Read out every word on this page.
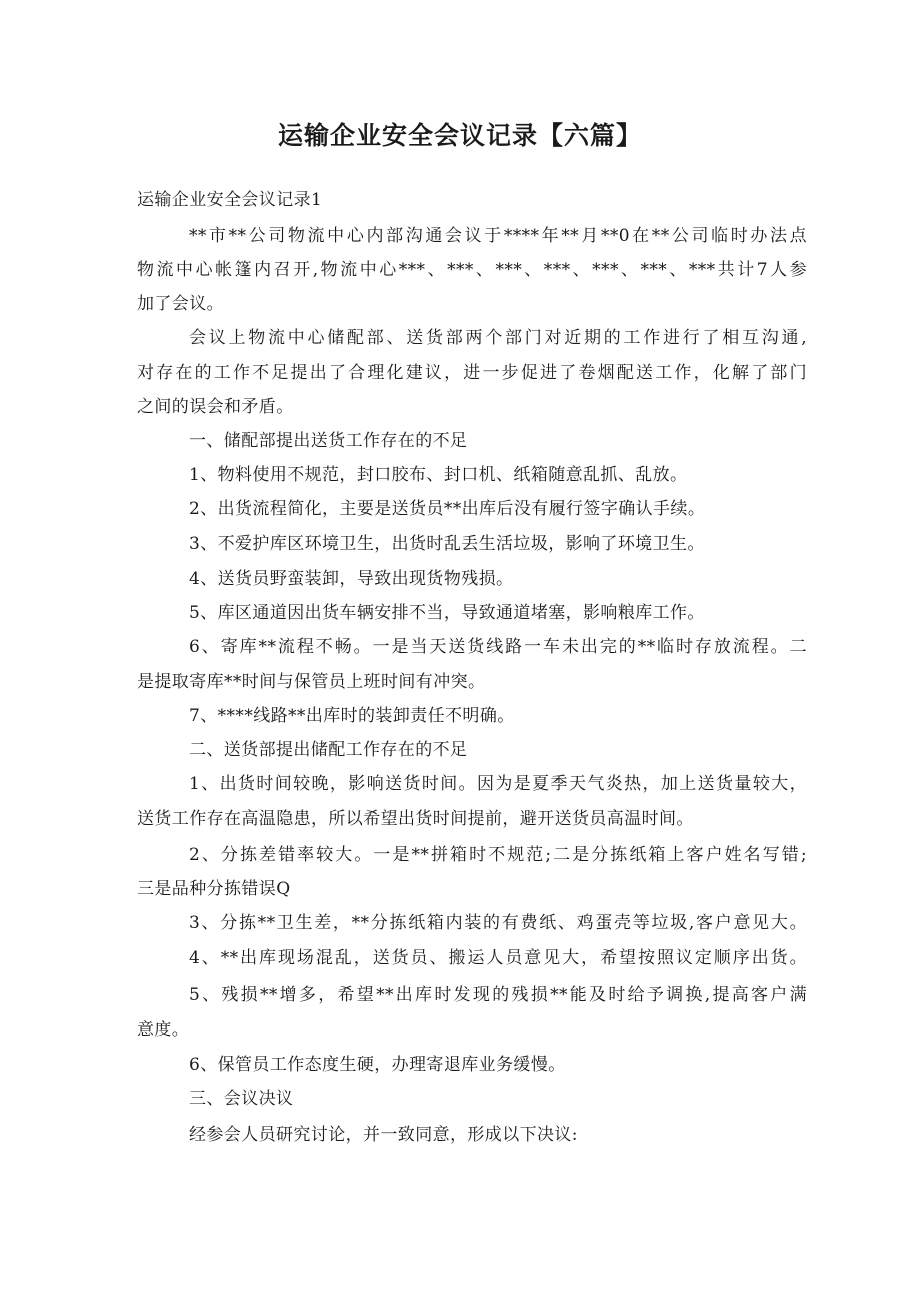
运输企业安全会议记录【六篇】
运输企业安全会议记录1
**市**公司物流中心内部沟通会议于****年**月**0在**公司临时办法点
物流中心帐篷内召开,物流中心***、***、***、***、***、***、***共计7人参
加了会议。
会议上物流中心储配部、送货部两个部门对近期的工作进行了相互沟通,
对存在的工作不足提出了合理化建议，进一步促进了卷烟配送工作，化解了部门
之间的误会和矛盾。
一、储配部提出送货工作存在的不足
1、物料使用不规范，封口胶布、封口机、纸箱随意乱抓、乱放。
2、出货流程简化，主要是送货员**出库后没有履行签字确认手续。
3、不爱护库区环境卫生，出货时乱丢生活垃圾，影响了环境卫生。
4、送货员野蛮装卸，导致出现货物残损。
5、库区通道因出货车辆安排不当，导致通道堵塞，影响粮库工作。
6、寄库**流程不畅。一是当天送货线路一车未出完的**临时存放流程。二
是提取寄库**时间与保管员上班时间有冲突。
7、****线路**出库时的装卸责任不明确。
二、送货部提出储配工作存在的不足
1、出货时间较晚，影响送货时间。因为是夏季天气炎热，加上送货量较大，
送货工作存在高温隐患，所以希望出货时间提前，避开送货员高温时间。
2、分拣差错率较大。一是**拼箱时不规范;二是分拣纸箱上客户姓名写错;
三是品种分拣错误Q
3、分拣**卫生差，**分拣纸箱内装的有费纸、鸡蛋壳等垃圾,客户意见大。
4、**出库现场混乱，送货员、搬运人员意见大，希望按照议定顺序出货。
5、残损**增多，希望**出库时发现的残损**能及时给予调换,提高客户满
意度。
6、保管员工作态度生硬，办理寄退库业务缓慢。
三、会议决议
经参会人员研究讨论，并一致同意，形成以下决议:
